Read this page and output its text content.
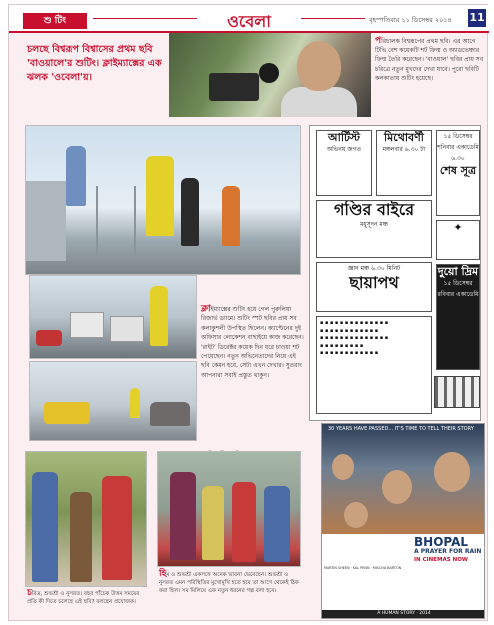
শু টিং	ওবেলা	বৃহস্পতিবার ১১ ডিসেম্বর ২০১৪ 11
চলছে বিশ্বরূপ বিশ্বাসের প্রথম ছবি 'বাওয়ালে'র শুটিং। ক্লাইম্যাক্সের এক ঝলক 'ওবেলা'য়।
পরিচালক বিশ্বরূপের প্রথম ছবি। এর আগে টিভি বেশ কয়েকটি শর্ট ফিল্ম ও অ্যাডভেঞ্চার ফিল্ম তৈরি করেছেন। 'বাওয়াল' ছবির প্রায় সব চরিত্রে নতুন মুখদের দেখা যাবে। পুরো ছবিটি কলকাতায় শুটিং হয়েছে।
ক্লাইম্যাক্সের শুটিং হয়ে গেল পুরুলিয়া রিজার্ভ ড্যামে। শুটিং স্পট ছবির প্রায় সব কলাকুশলী উপস্থিত ছিলেন। ক্যাপ্টেনের দুই অফিসার লোকেশন বাছাইয়ে কাজ করেছেন। 'রাইট' ডিরেক্টর কয়েক দিন ধরে চাওয়া শট পেয়েছেন। নতুন অভিনেতাদের নিয়ে এই ছবি কেমন হবে, সেটা এখন দেখার। সুতরাং আপনারা সবাই প্রস্তুত থাকুন।
চরিত্র, শুভশ্রী ও নুসরত। বছর পাঁচেক উত্তম সময়ের প্রতি কী দিতে চলেছে এই ছবি? বলছেন প্রযোজক।
হিম ও শুভশ্রী একসঙ্গে অনেক ভাবনা ভেবেছেন। শুভশ্রী ও নুসরত এমন পরিস্থিতির মুখোমুখি হতে হবে তা আগে থেকেই ঠিক করা ছিল। সব মিলিয়ে এক নতুন ধরনের গল্প বলা হবে।
আর্টিস্ট
অভিনয় জগত
মিথোবর্ণী
মঙ্গলবার ৬.৩০ টা
১৫ ডিসেম্বর শনিবার একাডেমি ৬.৩০
শেষ সূত্র
গণ্ডির বাইরে
মধুসূদন মঞ্চ	✦
জ্ঞান মঞ্চ ৬.৩০ মিনিট
ছায়াপথ
দুয়ো দ্রিম
১৫ ডিসেম্বর রবিবার একাডেমি
▪ ▪ ▪ ▪ ▪ ▪ ▪ ▪ ▪ ▪ ▪ ▪ ▪ ▪
▪ ▪ ▪ ▪ ▪ ▪ ▪ ▪ ▪ ▪ ▪ ▪
▪ ▪ ▪ ▪ ▪ ▪ ▪ ▪ ▪ ▪ ▪ ▪ ▪ ▪
▪ ▪ ▪ ▪ ▪ ▪ ▪ ▪ ▪
▪ ▪ ▪ ▪ ▪ ▪ ▪ ▪ ▪ ▪ ▪ ▪
30 YEARS HAVE PASSED... IT'S TIME TO TELL THEIR STORY
BHOPAL
A PRAYER FOR RAIN
IN CINEMAS NOW
MARTIN SHEEN · KAL PENN · MISCHA BARTON
A HUMAN STORY · 2014
